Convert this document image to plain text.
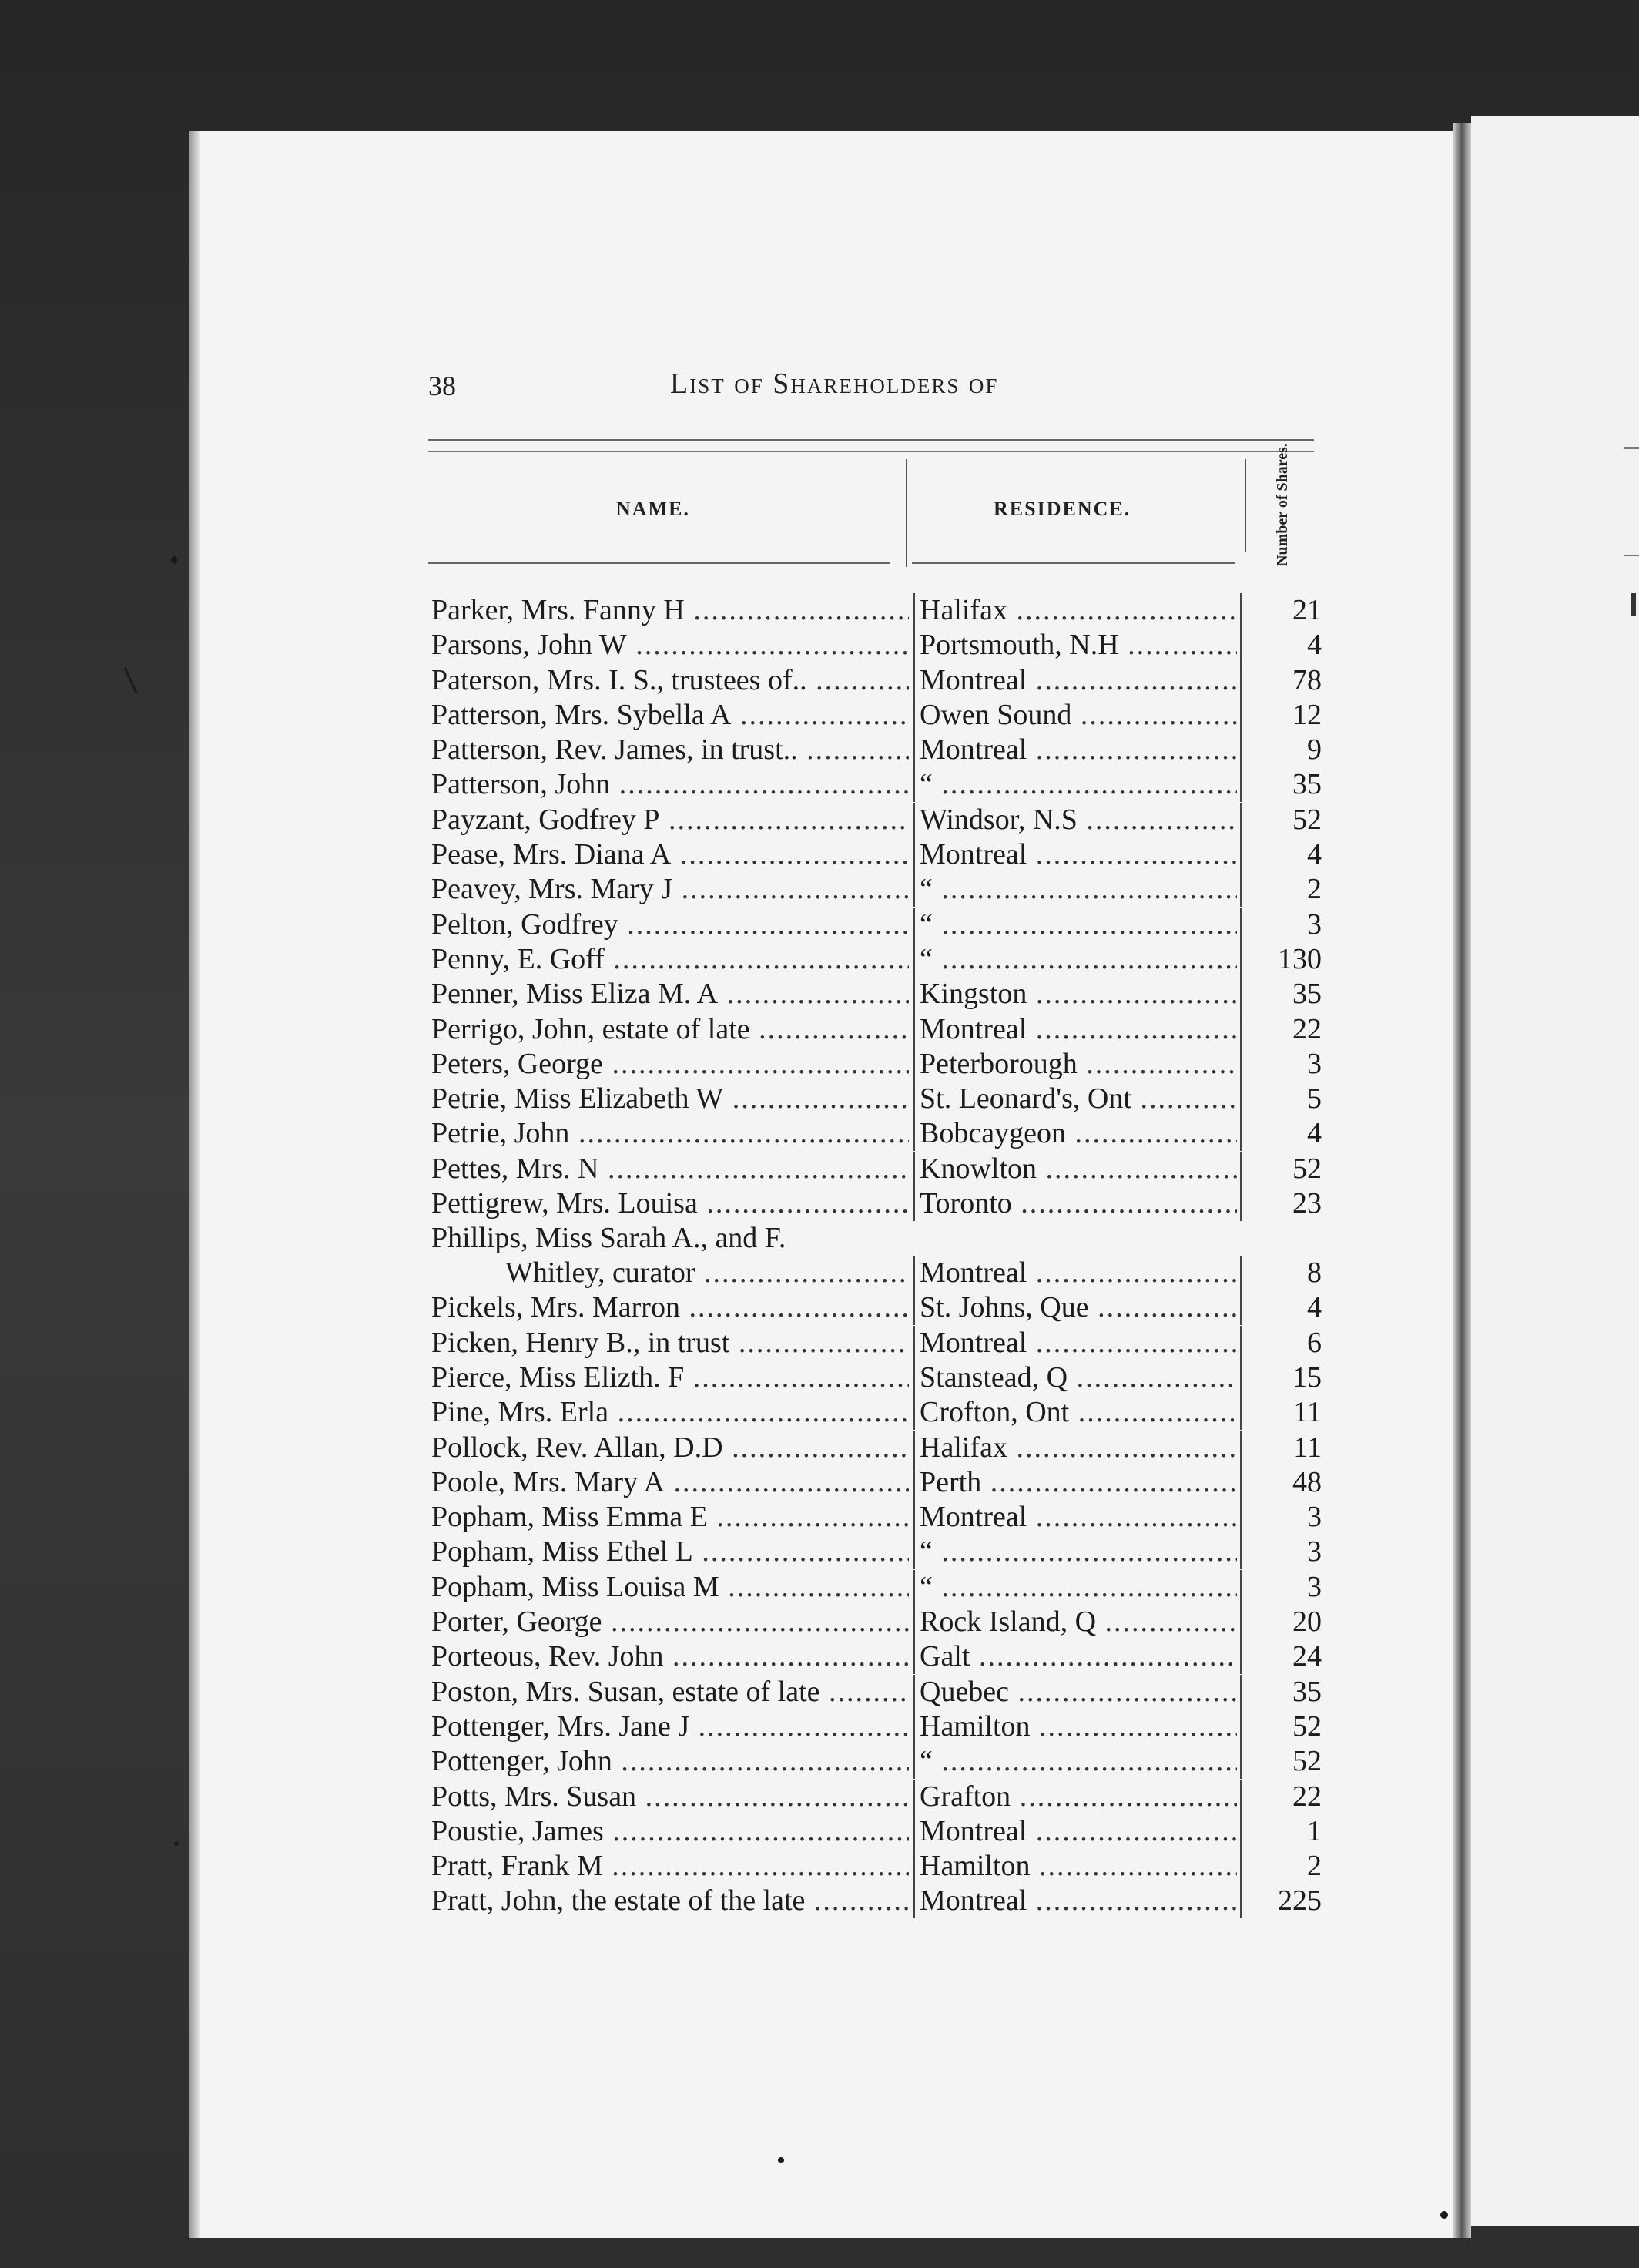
38	List of Shareholders of
NAME.	RESIDENCE.	Number of Shares.
Parker, Mrs. Fanny H .....	Halifax .....	21
Parsons, John W .....	Portsmouth, N.H .....	4
Paterson, Mrs. I. S., trustees of.. .....	Montreal .....	78
Patterson, Mrs. Sybella A .....	Owen Sound .....	12
Patterson, Rev. James, in trust.. .....	Montreal .....	9
Patterson, John .....	“ .....	35
Payzant, Godfrey P .....	Windsor, N.S .....	52
Pease, Mrs. Diana A .....	Montreal .....	4
Peavey, Mrs. Mary J .....	“ .....	2
Pelton, Godfrey .....	“ .....	3
Penny, E. Goff .....	“ .....	130
Penner, Miss Eliza M. A .....	Kingston .....	35
Perrigo, John, estate of late .....	Montreal .....	22
Peters, George .....	Peterborough .....	3
Petrie, Miss Elizabeth W .....	St. Leonard's, Ont .....	5
Petrie, John .....	Bobcaygeon .....	4
Pettes, Mrs. N .....	Knowlton .....	52
Pettigrew, Mrs. Louisa .....	Toronto .....	23
Phillips, Miss Sarah A., and F.
Whitley, curator .....	Montreal .....	8
Pickels, Mrs. Marron .....	St. Johns, Que .....	4
Picken, Henry B., in trust .....	Montreal .....	6
Pierce, Miss Elizth. F .....	Stanstead, Q .....	15
Pine, Mrs. Erla .....	Crofton, Ont .....	11
Pollock, Rev. Allan, D.D .....	Halifax .....	11
Poole, Mrs. Mary A .....	Perth .....	48
Popham, Miss Emma E .....	Montreal .....	3
Popham, Miss Ethel L .....	“ .....	3
Popham, Miss Louisa M .....	“ .....	3
Porter, George .....	Rock Island, Q .....	20
Porteous, Rev. John .....	Galt .....	24
Poston, Mrs. Susan, estate of late .....	Quebec .....	35
Pottenger, Mrs. Jane J .....	Hamilton .....	52
Pottenger, John .....	“ .....	52
Potts, Mrs. Susan .....	Grafton .....	22
Poustie, James .....	Montreal .....	1
Pratt, Frank M .....	Hamilton .....	2
Pratt, John, the estate of the late .....	Montreal .....	225
